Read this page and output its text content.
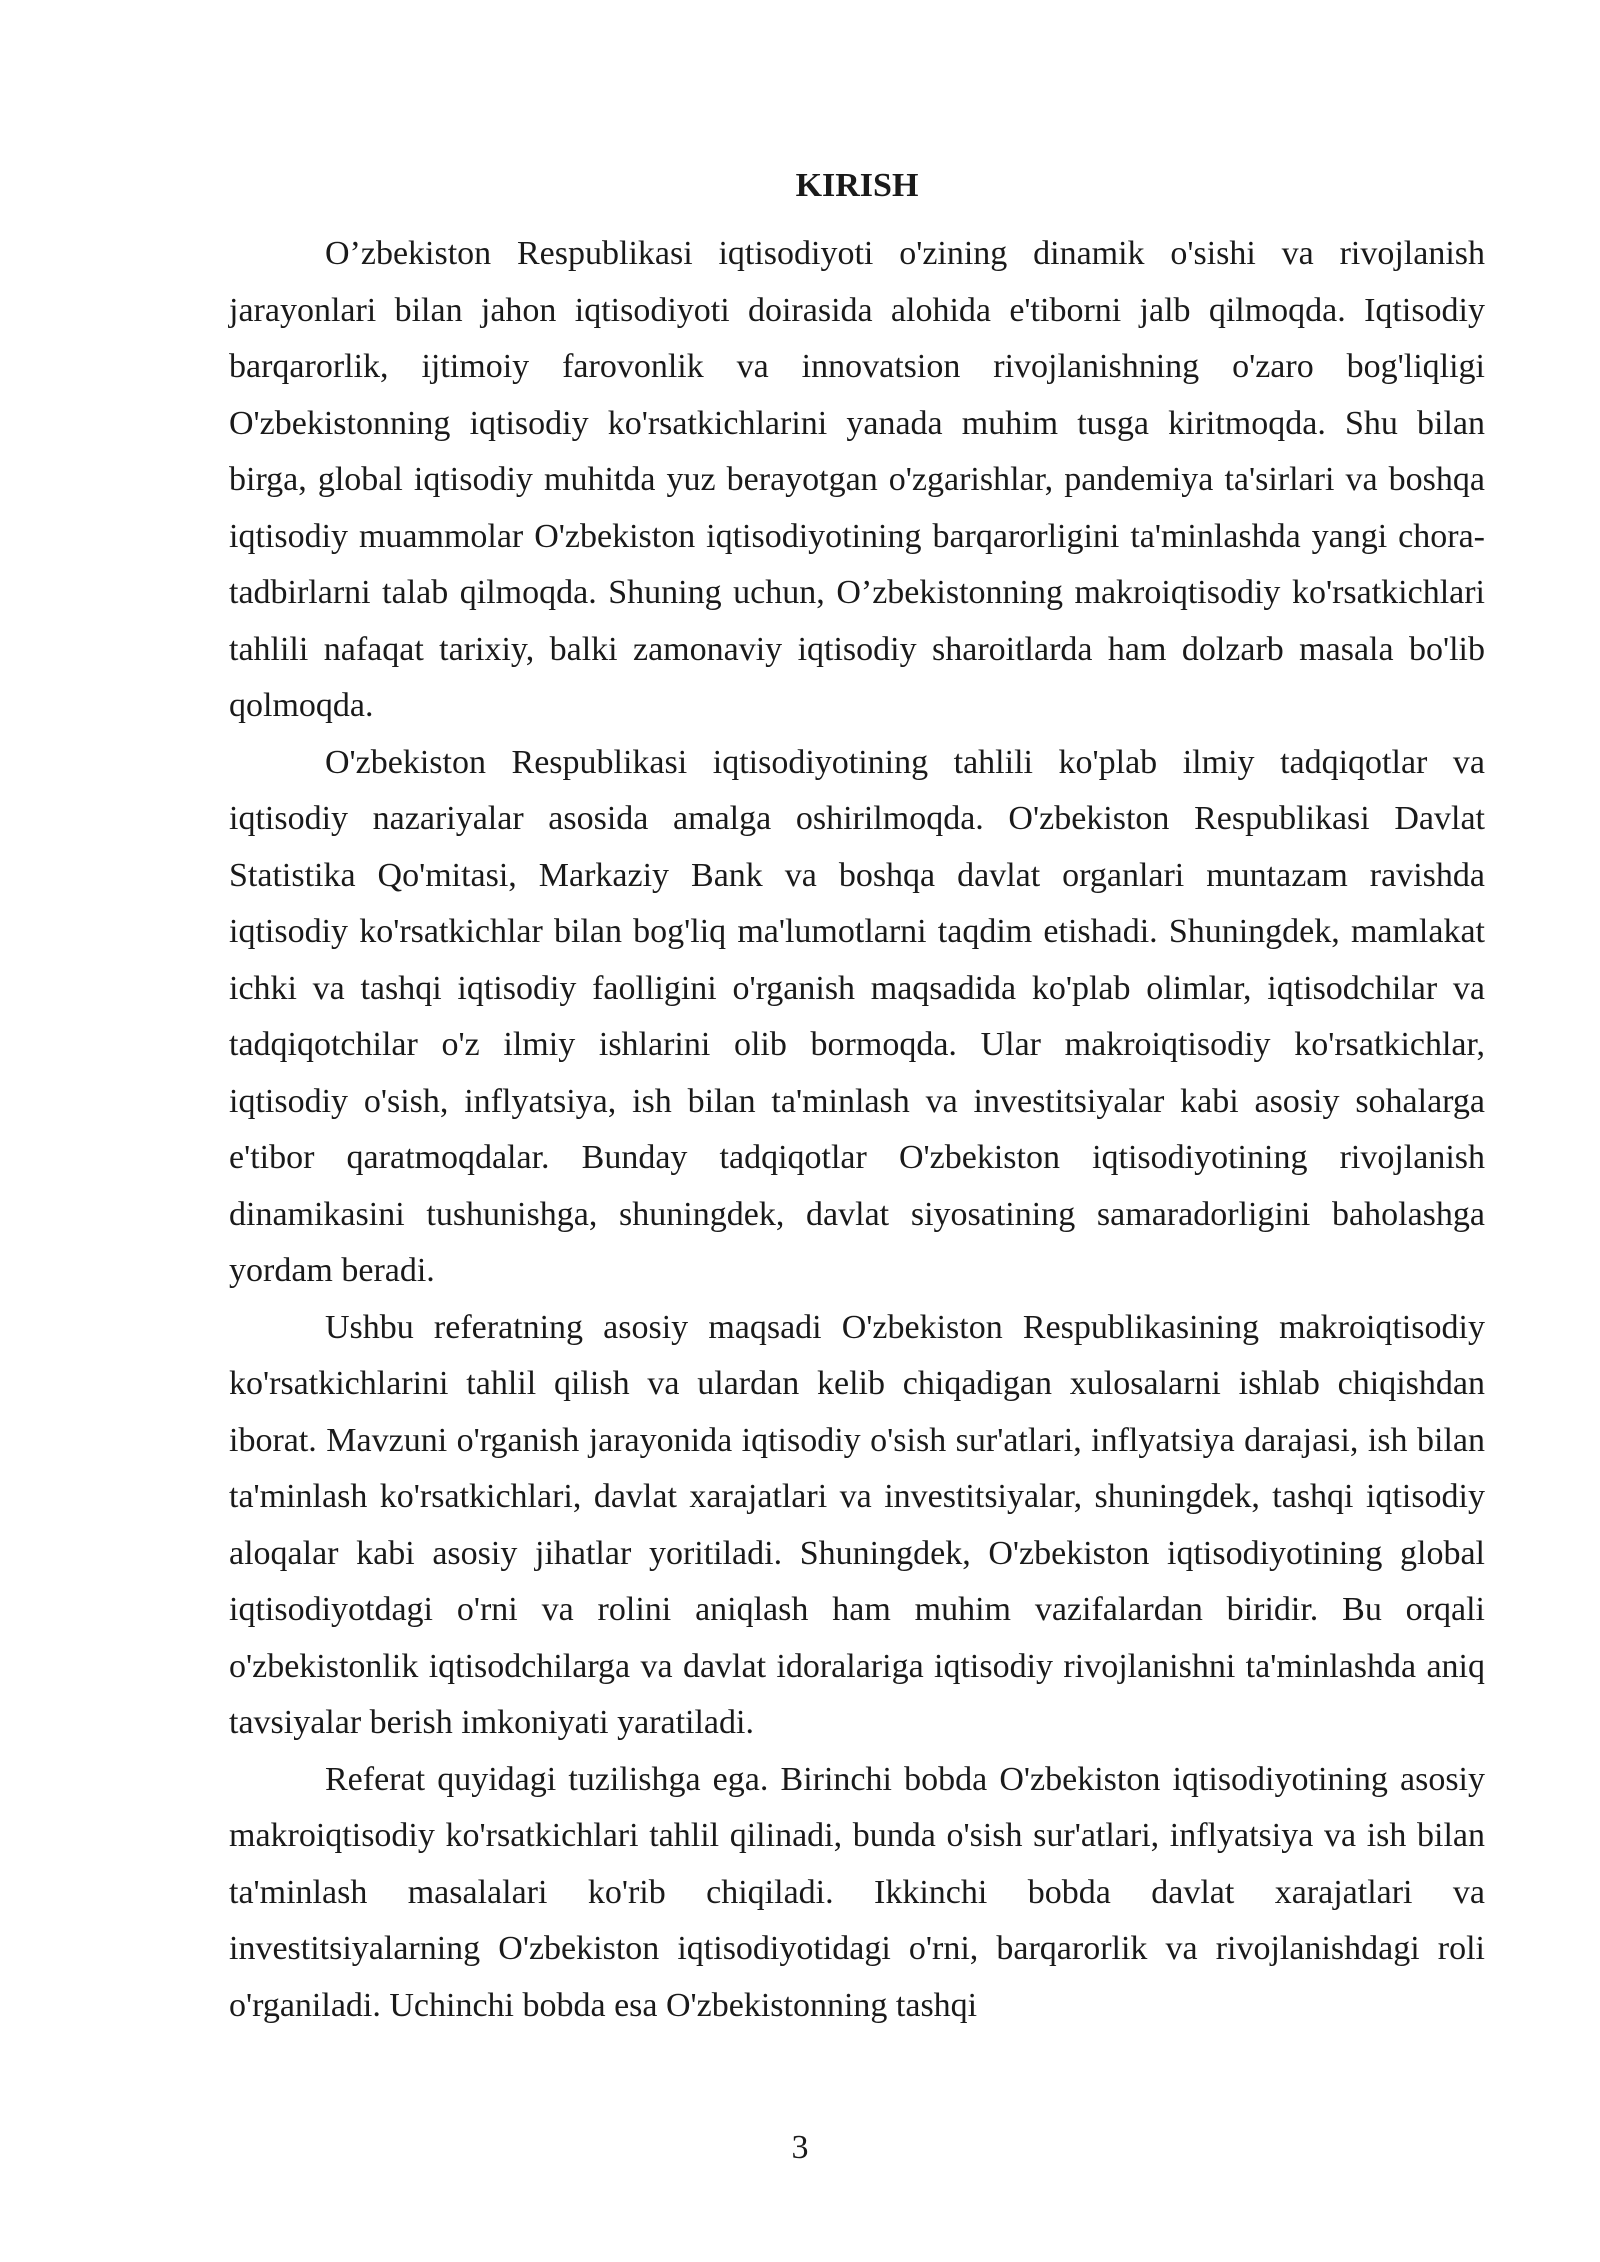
KIRISH

O’zbekiston Respublikasi iqtisodiyoti o'zining dinamik o'sishi va rivojlanish jarayonlari bilan jahon iqtisodiyoti doirasida alohida e'tiborni jalb qilmoqda. Iqtisodiy barqarorlik, ijtimoiy farovonlik va innovatsion rivojlanishning o'zaro bog'liqligi O'zbekistonning iqtisodiy ko'rsatkichlarini yanada muhim tusga kiritmoqda. Shu bilan birga, global iqtisodiy muhitda yuz berayotgan o'zgarishlar, pandemiya ta'sirlari va boshqa iqtisodiy muammolar O'zbekiston iqtisodiyotining barqarorligini ta'minlashda yangi chora-tadbirlarni talab qilmoqda. Shuning uchun, O’zbekistonning makroiqtisodiy ko'rsatkichlari tahlili nafaqat tarixiy, balki zamonaviy iqtisodiy sharoitlarda ham dolzarb masala bo'lib qolmoqda.

O'zbekiston Respublikasi iqtisodiyotining tahlili ko'plab ilmiy tadqiqotlar va iqtisodiy nazariyalar asosida amalga oshirilmoqda. O'zbekiston Respublikasi Davlat Statistika Qo'mitasi, Markaziy Bank va boshqa davlat organlari muntazam ravishda iqtisodiy ko'rsatkichlar bilan bog'liq ma'lumotlarni taqdim etishadi. Shuningdek, mamlakat ichki va tashqi iqtisodiy faolligini o'rganish maqsadida ko'plab olimlar, iqtisodchilar va tadqiqotchilar o'z ilmiy ishlarini olib bormoqda. Ular makroiqtisodiy ko'rsatkichlar, iqtisodiy o'sish, inflyatsiya, ish bilan ta'minlash va investitsiyalar kabi asosiy sohalarga e'tibor qaratmoqdalar. Bunday tadqiqotlar O'zbekiston iqtisodiyotining rivojlanish dinamikasini tushunishga, shuningdek, davlat siyosatining samaradorligini baholashga yordam beradi.

Ushbu referatning asosiy maqsadi O'zbekiston Respublikasining makroiqtisodiy ko'rsatkichlarini tahlil qilish va ulardan kelib chiqadigan xulosalarni ishlab chiqishdan iborat. Mavzuni o'rganish jarayonida iqtisodiy o'sish sur'atlari, inflyatsiya darajasi, ish bilan ta'minlash ko'rsatkichlari, davlat xarajatlari va investitsiyalar, shuningdek, tashqi iqtisodiy aloqalar kabi asosiy jihatlar yoritiladi. Shuningdek, O'zbekiston iqtisodiyotining global iqtisodiyotdagi o'rni va rolini aniqlash ham muhim vazifalardan biridir. Bu orqali o'zbekistonlik iqtisodchilarga va davlat idoralariga iqtisodiy rivojlanishni ta'minlashda aniq tavsiyalar berish imkoniyati yaratiladi.

Referat quyidagi tuzilishga ega. Birinchi bobda O'zbekiston iqtisodiyotining asosiy makroiqtisodiy ko'rsatkichlari tahlil qilinadi, bunda o'sish sur'atlari, inflyatsiya va ish bilan ta'minlash masalalari ko'rib chiqiladi. Ikkinchi bobda davlat xarajatlari va investitsiyalarning O'zbekiston iqtisodiyotidagi o'rni, barqarorlik va rivojlanishdagi roli o'rganiladi. Uchinchi bobda esa O'zbekistonning tashqi

3
